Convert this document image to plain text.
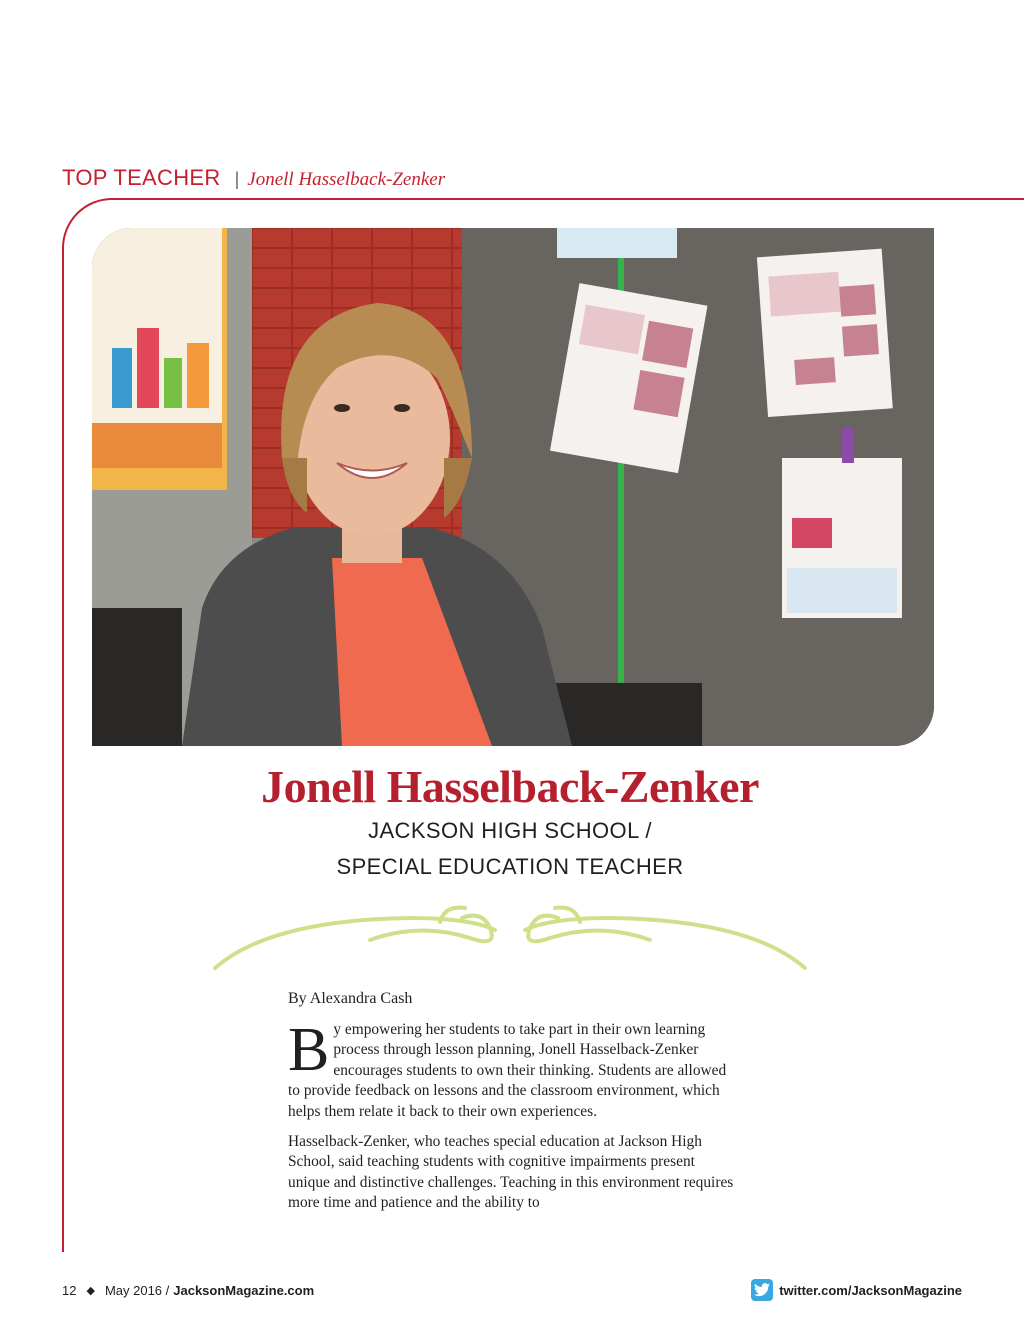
TOP TEACHER | Jonell Hasselback-Zenker
Jonell Hasselback-Zenker
JACKSON HIGH SCHOOL /
SPECIAL EDUCATION TEACHER
By Alexandra Cash

By empowering her students to take part in their own learning process through lesson planning, Jonell Hasselback-Zenker encourages students to own their thinking. Students are allowed to provide feedback on lessons and the classroom environment, which helps them relate it back to their own experiences.

Hasselback-Zenker, who teaches special education at Jackson High School, said teaching students with cognitive impairments present unique and distinctive challenges. Teaching in this environment requires more time and patience and the ability to

12 ◆ May 2016 / JacksonMagazine.com	twitter.com/JacksonMagazine
